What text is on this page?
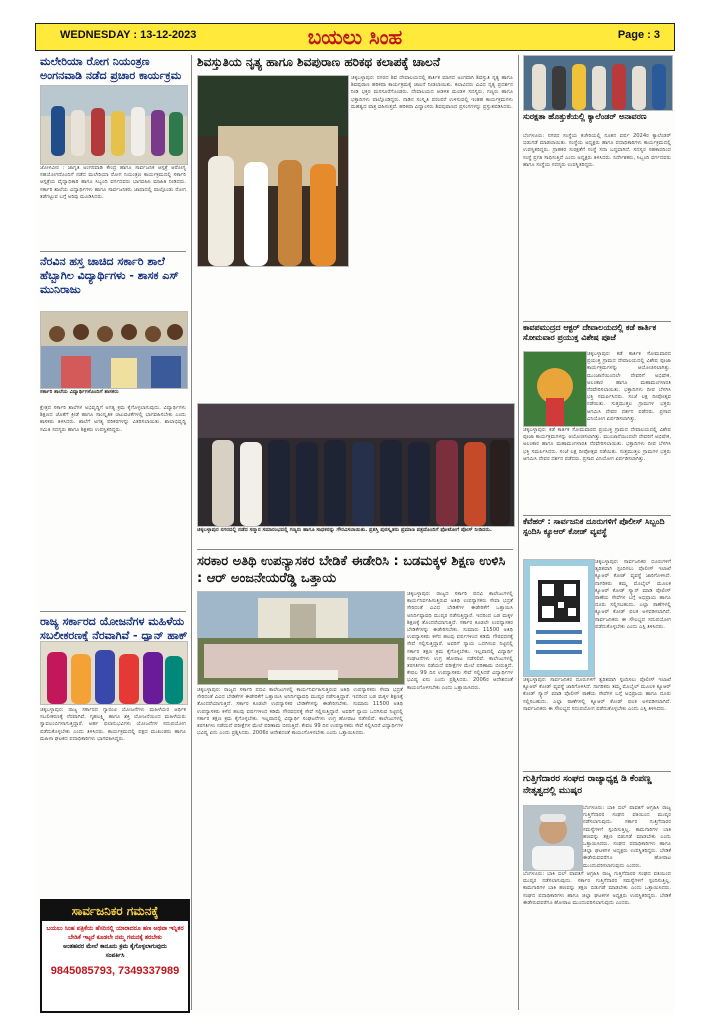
WEDNESDAY : 13-12-2023	ಬಯಲು ಸಿಂಹ	Page : 3
ಮಲೇರಿಯಾ ರೋಗ ನಿಯಂತ್ರಣ ಅಂಗನವಾಡಿ ನಡೆದ ಪ್ರಚಾರ ಕಾರ್ಯಕ್ರಮ
ಜೋಳವೀರ : ಜಾಗೃತಿ ಅಂಗನವಾಡಿ ಕೇಂದ್ರ ಹಾಗೂ ಸಾರ್ವಜನಿಕ ಆಸ್ಪತ್ರೆ ಆರೋಗ್ಯ ಸಹಯೋಗದೊಂದಿಗೆ ನಡೆದ ಮಲೇರಿಯಾ ರೋಗ ನಿಯಂತ್ರಣ ಕಾರ್ಯಕ್ರಮದಲ್ಲಿ ಸರ್ಕಾರಿ ಆಸ್ಪತ್ರೆಯ ವೈದ್ಯಾಧಿಕಾರಿ ಹಾಗೂ ಸಿಬ್ಬಂದಿ ವರ್ಗದವರು ಭಾಗವಹಿಸಿ ಮಾಹಿತಿ ನೀಡಿದರು. ಸರ್ಕಾರಿ ಶಾಲೆಯ ವಿದ್ಯಾರ್ಥಿಗಳು ಹಾಗೂ ಸಾರ್ವಜನಿಕರು ಜಾಥಾದಲ್ಲಿ ಪಾಲ್ಗೊಂಡು ರೋಗ ತಡೆಗಟ್ಟುವ ಬಗ್ಗೆ ಅರಿವು ಮೂಡಿಸಿದರು.
ನೆರವಿನ ಹಸ್ತ ಚಾಚಿದ ಸರ್ಕಾರಿ ಶಾಲೆ ಹೆಬ್ಬಾಗಿಲ ವಿದ್ಯಾರ್ಥಿಗಳು - ಶಾಸಕ ಎಸ್ ಮುನಿರಾಜು
ಸರ್ಕಾರಿ ಶಾಲೆಯ ವಿದ್ಯಾರ್ಥಿಗಳೊಂದಿಗೆ ಶಾಸಕರು
ಕ್ಷೇತ್ರದ ಸರ್ಕಾರಿ ಶಾಲೆಗಳ ಅಭಿವೃದ್ಧಿಗೆ ಅಗತ್ಯ ಕ್ರಮ ಕೈಗೊಳ್ಳಲಾಗುವುದು. ವಿದ್ಯಾರ್ಥಿಗಳು ಶಿಕ್ಷಣದ ಜೊತೆಗೆ ಕ್ರೀಡೆ ಹಾಗೂ ಸಾಂಸ್ಕೃತಿಕ ಚಟುವಟಿಕೆಗಳಲ್ಲಿ ಭಾಗವಹಿಸಬೇಕು ಎಂದು ಶಾಸಕರು ತಿಳಿಸಿದರು. ಶಾಲೆಗೆ ಅಗತ್ಯ ಪರಿಕರಗಳನ್ನು ವಿತರಿಸಲಾಯಿತು. ಶಾಲಾಭಿವೃದ್ಧಿ ಸಮಿತಿ ಸದಸ್ಯರು ಹಾಗೂ ಶಿಕ್ಷಕರು ಉಪಸ್ಥಿತರಿದ್ದರು.
ರಾಜ್ಯ ಸರ್ಕಾರದ ಯೋಜನೆಗಳ ಮಹಿಳೆಯ ಸಬಲೀಕರಣಕ್ಕೆ ನೆರವಾಗಿವೆ - ಧ್ಯಾನ್ ಹಾಕ್
ಚಿಕ್ಕಬಳ್ಳಾಪುರ: ರಾಜ್ಯ ಸರ್ಕಾರದ ಗ್ಯಾರಂಟಿ ಯೋಜನೆಗಳು ಮಹಿಳೆಯರ ಆರ್ಥಿಕ ಸಬಲೀಕರಣಕ್ಕೆ ನೆರವಾಗಿವೆ. ಗೃಹಲಕ್ಷ್ಮಿ ಹಾಗೂ ಶಕ್ತಿ ಯೋಜನೆಯಿಂದ ಮಹಿಳೆಯರು ಸ್ವಾವಲಂಬಿಗಳಾಗುತ್ತಿದ್ದಾರೆ. ಅರ್ಹ ಫಲಾನುಭವಿಗಳು ಯೋಜನೆಗಳ ಸದುಪಯೋಗ ಪಡೆದುಕೊಳ್ಳಬೇಕು ಎಂದು ತಿಳಿಸಿದರು. ಕಾರ್ಯಕ್ರಮದಲ್ಲಿ ಪಕ್ಷದ ಮುಖಂಡರು ಹಾಗೂ ಮಹಿಳಾ ಘಟಕದ ಪದಾಧಿಕಾರಿಗಳು ಭಾಗವಹಿಸಿದ್ದರು.
ಸಾರ್ವಜನಿಕರ ಗಮನಕ್ಕೆ
ಬಯಲು ಸಿಂಹ ಪತ್ರಿಕೆಯ ಹೆಸರಿನಲ್ಲಿ ಯಾರಾದರೂ ಹಣ ಅಥವಾ ಇನ್ನಿತರ ಬೇಡಿಕೆ ಇಟ್ಟರೆ ಕೂಡಲೇ ನಮ್ಮ ಗಮನಕ್ಕೆ ತರಬೇಕು
ಅಂತಹವರ ಮೇಲೆ ಕಾನೂನು ಕ್ರಮ ಕೈಗೊಳ್ಳಲಾಗುವುದು
ಸಂಪರ್ಕಿಸಿ
9845085793, 7349337989
ಶಿವಸ್ತುತಿಯ ನೃತ್ಯ ಹಾಗೂ ಶಿವಪುರಾಣ ಹರಿಕಥ ಕಲಾಪಕ್ಕೆ ಚಾಲನೆ
ಚಿಕ್ಕಬಳ್ಳಾಪುರ: ನಗರದ ಶಿವ ದೇವಾಲಯದಲ್ಲಿ ಕಾರ್ತಿಕ ಮಾಸದ ಅಂಗವಾಗಿ ಶಿವಸ್ತುತಿ ನೃತ್ಯ ಹಾಗೂ ಶಿವಪುರಾಣ ಹರಿಕಥಾ ಕಾರ್ಯಕ್ರಮಕ್ಕೆ ಚಾಲನೆ ನೀಡಲಾಯಿತು. ಕಲಾವಿದರು ವಿವಿಧ ನೃತ್ಯ ಪ್ರದರ್ಶನ ನೀಡಿ ಭಕ್ತರ ಮನಸೂರೆಗೊಂಡರು. ದೇವಾಲಯದ ಆಡಳಿತ ಮಂಡಳಿ ಸದಸ್ಯರು, ಗಣ್ಯರು ಹಾಗೂ ಭಕ್ತಾದಿಗಳು ಪಾಲ್ಗೊಂಡಿದ್ದರು. ನಾಡಿನ ಸಂಸ್ಕೃತಿ ಪರಂಪರೆ ಉಳಿಸುವಲ್ಲಿ ಇಂತಹ ಕಾರ್ಯಕ್ರಮಗಳು ಮಹತ್ವದ ಪಾತ್ರ ವಹಿಸುತ್ತವೆ. ಹರಿಕಥಾ ವಿದ್ವಾಂಸರು ಶಿವಪುರಾಣದ ಪ್ರಸಂಗಗಳನ್ನು ಪ್ರಸ್ತುತಪಡಿಸಿದರು.
ಚಿಕ್ಕಬಳ್ಳಾಪುರ ನಗರದಲ್ಲಿ ನಡೆದ ಸನ್ಮಾನ ಸಮಾರಂಭದಲ್ಲಿ ಗಣ್ಯರು ಹಾಗೂ ಸಾಧಕರನ್ನು ಗೌರವಿಸಲಾಯಿತು. ಪ್ರಶಸ್ತಿ ಪುರಸ್ಕೃತರು ಪ್ರಮಾಣ ಪತ್ರದೊಂದಿಗೆ ಫೋಟೋಗೆ ಪೋಸ್ ನೀಡಿದರು.
ಸರಕಾರ ಅತಿಥಿ ಉಪನ್ಯಾಸಕರ ಬೇಡಿಕೆ ಈಡೇರಿಸಿ : ಬಡಮಕ್ಕಳ ಶಿಕ್ಷಣ ಉಳಿಸಿ : ಆರ್ ಅಂಜನೇಯರೆಡ್ಡಿ ಒತ್ತಾಯ
ಚಿಕ್ಕಬಳ್ಳಾಪುರ: ರಾಜ್ಯದ ಸರ್ಕಾರಿ ಪದವಿ ಕಾಲೇಜುಗಳಲ್ಲಿ ಕಾರ್ಯನಿರ್ವಹಿಸುತ್ತಿರುವ ಅತಿಥಿ ಉಪನ್ಯಾಸಕರು ಸೇವಾ ಭದ್ರತೆ ಸೇರಿದಂತೆ ವಿವಿಧ ಬೇಡಿಕೆಗಳ ಈಡೇರಿಕೆಗೆ ಒತ್ತಾಯಿಸಿ ಅನಿರ್ದಿಷ್ಟಾವಧಿ ಮುಷ್ಕರ ನಡೆಸುತ್ತಿದ್ದಾರೆ. ಇದರಿಂದ ಬಡ ಮಕ್ಕಳ ಶಿಕ್ಷಣಕ್ಕೆ ತೊಂದರೆಯಾಗುತ್ತಿದೆ. ಸರ್ಕಾರ ಕೂಡಲೇ ಉಪನ್ಯಾಸಕರ ಬೇಡಿಕೆಗಳನ್ನು ಈಡೇರಿಸಬೇಕು. ಸುಮಾರು 11500 ಅತಿಥಿ ಉಪನ್ಯಾಸಕರು ಕಳೆದ ಹಲವು ವರ್ಷಗಳಿಂದ ಕಡಿಮೆ ಗೌರವಧನಕ್ಕೆ ಸೇವೆ ಸಲ್ಲಿಸುತ್ತಿದ್ದಾರೆ. ಅವರಿಗೆ ನ್ಯಾಯ ಒದಗಿಸುವ ನಿಟ್ಟಿನಲ್ಲಿ ಸರ್ಕಾರ ತಕ್ಷಣ ಕ್ರಮ ಕೈಗೊಳ್ಳಬೇಕು. ಇಲ್ಲವಾದಲ್ಲಿ ವಿದ್ಯಾರ್ಥಿ ಸಂಘಟನೆಗಳು ಉಗ್ರ ಹೋರಾಟ ನಡೆಸಲಿವೆ. ಕಾಲೇಜುಗಳಲ್ಲಿ ತರಗತಿಗಳು ನಡೆಯದೆ ಪರೀಕ್ಷೆಗಳ ಮೇಲೆ ಪರಿಣಾಮ ಬೀರುತ್ತಿದೆ. ಕೇವಲ 99 ದಿನ ಉಪನ್ಯಾಸಕರು ಸೇವೆ ಸಲ್ಲಿಸಿದರೆ ವಿದ್ಯಾರ್ಥಿಗಳ ಭವಿಷ್ಯ ಏನು ಎಂದು ಪ್ರಶ್ನಿಸಿದರು. 2006ರ ಆದೇಶದಂತೆ ಕಾಯಂಗೊಳಿಸಬೇಕು ಎಂದು ಒತ್ತಾಯಿಸಿದರು.
ಚಿಕ್ಕಬಳ್ಳಾಪುರ: ರಾಜ್ಯದ ಸರ್ಕಾರಿ ಪದವಿ ಕಾಲೇಜುಗಳಲ್ಲಿ ಕಾರ್ಯನಿರ್ವಹಿಸುತ್ತಿರುವ ಅತಿಥಿ ಉಪನ್ಯಾಸಕರು ಸೇವಾ ಭದ್ರತೆ ಸೇರಿದಂತೆ ವಿವಿಧ ಬೇಡಿಕೆಗಳ ಈಡೇರಿಕೆಗೆ ಒತ್ತಾಯಿಸಿ ಅನಿರ್ದಿಷ್ಟಾವಧಿ ಮುಷ್ಕರ ನಡೆಸುತ್ತಿದ್ದಾರೆ. ಇದರಿಂದ ಬಡ ಮಕ್ಕಳ ಶಿಕ್ಷಣಕ್ಕೆ ತೊಂದರೆಯಾಗುತ್ತಿದೆ. ಸರ್ಕಾರ ಕೂಡಲೇ ಉಪನ್ಯಾಸಕರ ಬೇಡಿಕೆಗಳನ್ನು ಈಡೇರಿಸಬೇಕು. ಸುಮಾರು 11500 ಅತಿಥಿ ಉಪನ್ಯಾಸಕರು ಕಳೆದ ಹಲವು ವರ್ಷಗಳಿಂದ ಕಡಿಮೆ ಗೌರವಧನಕ್ಕೆ ಸೇವೆ ಸಲ್ಲಿಸುತ್ತಿದ್ದಾರೆ. ಅವರಿಗೆ ನ್ಯಾಯ ಒದಗಿಸುವ ನಿಟ್ಟಿನಲ್ಲಿ ಸರ್ಕಾರ ತಕ್ಷಣ ಕ್ರಮ ಕೈಗೊಳ್ಳಬೇಕು. ಇಲ್ಲವಾದಲ್ಲಿ ವಿದ್ಯಾರ್ಥಿ ಸಂಘಟನೆಗಳು ಉಗ್ರ ಹೋರಾಟ ನಡೆಸಲಿವೆ. ಕಾಲೇಜುಗಳಲ್ಲಿ ತರಗತಿಗಳು ನಡೆಯದೆ ಪರೀಕ್ಷೆಗಳ ಮೇಲೆ ಪರಿಣಾಮ ಬೀರುತ್ತಿದೆ. ಕೇವಲ 99 ದಿನ ಉಪನ್ಯಾಸಕರು ಸೇವೆ ಸಲ್ಲಿಸಿದರೆ ವಿದ್ಯಾರ್ಥಿಗಳ ಭವಿಷ್ಯ ಏನು ಎಂದು ಪ್ರಶ್ನಿಸಿದರು. 2006ರ ಆದೇಶದಂತೆ ಕಾಯಂಗೊಳಿಸಬೇಕು ಎಂದು ಒತ್ತಾಯಿಸಿದರು.
ಸುರಕ್ಷತಾ ಹೊತ್ತುಕೆಯಲ್ಲಿ ಕ್ಯಾಲೆಂಡರ್ ಅನಾವರಣ
ಬೆಂಗಳೂರು: ನಗರದ ಸಂಸ್ಥೆಯ ಕಚೇರಿಯಲ್ಲಿ ನೂತನ ವರ್ಷ 2024ರ ಕ್ಯಾಲೆಂಡರ್ ಬಿಡುಗಡೆ ಮಾಡಲಾಯಿತು. ಸಂಸ್ಥೆಯ ಅಧ್ಯಕ್ಷರು ಹಾಗೂ ಪದಾಧಿಕಾರಿಗಳು ಕಾರ್ಯಕ್ರಮದಲ್ಲಿ ಉಪಸ್ಥಿತರಿದ್ದರು. ಗ್ರಾಹಕರ ಸುರಕ್ಷತೆಗೆ ಸಂಸ್ಥೆ ಸದಾ ಬದ್ಧವಾಗಿದೆ. ಸದಸ್ಯರ ಸಹಕಾರದಿಂದ ಸಂಸ್ಥೆ ಪ್ರಗತಿ ಸಾಧಿಸುತ್ತಿದೆ ಎಂದು ಅಧ್ಯಕ್ಷರು ತಿಳಿಸಿದರು. ನಿರ್ದೇಶಕರು, ಸಿಬ್ಬಂದಿ ವರ್ಗದವರು ಹಾಗೂ ಸಂಸ್ಥೆಯ ಸದಸ್ಯರು ಉಪಸ್ಥಿತರಿದ್ದರು.
ಕಾವಪಮುದ್ರದ ಆಕ್ಟರ್ ದೇವಾಲಯದಲ್ಲಿ ಕಡೆ ಕಾರ್ತಿಕ ಸೋಮವಾರ ಪ್ರಯುಕ್ತ ವಿಶೇಷ ಪೂಜೆ
ಚಿಕ್ಕಬಳ್ಳಾಪುರ: ಕಡೆ ಕಾರ್ತಿಕ ಸೋಮವಾರದ ಪ್ರಯುಕ್ತ ಗ್ರಾಮದ ದೇವಾಲಯದಲ್ಲಿ ವಿಶೇಷ ಪೂಜಾ ಕಾರ್ಯಕ್ರಮಗಳನ್ನು ಆಯೋಜಿಸಲಾಗಿತ್ತು. ಮುಂಜಾನೆಯಿಂದಲೇ ದೇವರಿಗೆ ಅಭಿಷೇಕ, ಅಲಂಕಾರ ಹಾಗೂ ಮಹಾಮಂಗಳಾರತಿ ನೆರವೇರಿಸಲಾಯಿತು. ಭಕ್ತಾದಿಗಳು ದೀಪ ಬೆಳಗಿಸಿ ಭಕ್ತಿ ಸಮರ್ಪಿಸಿದರು. ಸಂಜೆ ಲಕ್ಷ ದೀಪೋತ್ಸವ ನಡೆಯಿತು. ಸುತ್ತಮುತ್ತಲ ಗ್ರಾಮಗಳ ಭಕ್ತರು ಆಗಮಿಸಿ ದೇವರ ದರ್ಶನ ಪಡೆದರು. ಪ್ರಸಾದ ವಿನಿಯೋಗ ಏರ್ಪಡಿಸಲಾಗಿತ್ತು.
ಚಿಕ್ಕಬಳ್ಳಾಪುರ: ಕಡೆ ಕಾರ್ತಿಕ ಸೋಮವಾರದ ಪ್ರಯುಕ್ತ ಗ್ರಾಮದ ದೇವಾಲಯದಲ್ಲಿ ವಿಶೇಷ ಪೂಜಾ ಕಾರ್ಯಕ್ರಮಗಳನ್ನು ಆಯೋಜಿಸಲಾಗಿತ್ತು. ಮುಂಜಾನೆಯಿಂದಲೇ ದೇವರಿಗೆ ಅಭಿಷೇಕ, ಅಲಂಕಾರ ಹಾಗೂ ಮಹಾಮಂಗಳಾರತಿ ನೆರವೇರಿಸಲಾಯಿತು. ಭಕ್ತಾದಿಗಳು ದೀಪ ಬೆಳಗಿಸಿ ಭಕ್ತಿ ಸಮರ್ಪಿಸಿದರು. ಸಂಜೆ ಲಕ್ಷ ದೀಪೋತ್ಸವ ನಡೆಯಿತು. ಸುತ್ತಮುತ್ತಲ ಗ್ರಾಮಗಳ ಭಕ್ತರು ಆಗಮಿಸಿ ದೇವರ ದರ್ಶನ ಪಡೆದರು. ಪ್ರಸಾದ ವಿನಿಯೋಗ ಏರ್ಪಡಿಸಲಾಗಿತ್ತು.
ಕೆವೆಹರ್ : ಸಾರ್ವಜನಿಕ ದೂರುಗಳಿಗೆ ಪೊಲೀಸ್ ಸಿಬ್ಬಂದಿ ಸ್ಪಂದಿಸಿ ಕ್ಯೂಆರ್ ಕೋಡ್ ವ್ಯವಸ್ಥೆ
ಚಿಕ್ಕಬಳ್ಳಾಪುರ: ಸಾರ್ವಜನಿಕರ ದೂರುಗಳಿಗೆ ತ್ವರಿತವಾಗಿ ಸ್ಪಂದಿಸಲು ಪೊಲೀಸ್ ಇಲಾಖೆ ಕ್ಯೂಆರ್ ಕೋಡ್ ವ್ಯವಸ್ಥೆ ಜಾರಿಗೊಳಿಸಿದೆ. ನಾಗರಿಕರು ತಮ್ಮ ಮೊಬೈಲ್ ಮೂಲಕ ಕ್ಯೂಆರ್ ಕೋಡ್ ಸ್ಕ್ಯಾನ್ ಮಾಡಿ ಪೊಲೀಸ್ ಠಾಣೆಯ ಸೇವೆಗಳ ಬಗ್ಗೆ ಅಭಿಪ್ರಾಯ ಹಾಗೂ ದೂರು ಸಲ್ಲಿಸಬಹುದು. ಎಲ್ಲಾ ಠಾಣೆಗಳಲ್ಲಿ ಕ್ಯೂಆರ್ ಕೋಡ್ ಫಲಕ ಅಳವಡಿಸಲಾಗಿದೆ. ಸಾರ್ವಜನಿಕರು ಈ ಸೌಲಭ್ಯದ ಸದುಪಯೋಗ ಪಡೆದುಕೊಳ್ಳಬೇಕು ಎಂದು ಎಸ್ಪಿ ತಿಳಿಸಿದರು.
ಚಿಕ್ಕಬಳ್ಳಾಪುರ: ಸಾರ್ವಜನಿಕರ ದೂರುಗಳಿಗೆ ತ್ವರಿತವಾಗಿ ಸ್ಪಂದಿಸಲು ಪೊಲೀಸ್ ಇಲಾಖೆ ಕ್ಯೂಆರ್ ಕೋಡ್ ವ್ಯವಸ್ಥೆ ಜಾರಿಗೊಳಿಸಿದೆ. ನಾಗರಿಕರು ತಮ್ಮ ಮೊಬೈಲ್ ಮೂಲಕ ಕ್ಯೂಆರ್ ಕೋಡ್ ಸ್ಕ್ಯಾನ್ ಮಾಡಿ ಪೊಲೀಸ್ ಠಾಣೆಯ ಸೇವೆಗಳ ಬಗ್ಗೆ ಅಭಿಪ್ರಾಯ ಹಾಗೂ ದೂರು ಸಲ್ಲಿಸಬಹುದು. ಎಲ್ಲಾ ಠಾಣೆಗಳಲ್ಲಿ ಕ್ಯೂಆರ್ ಕೋಡ್ ಫಲಕ ಅಳವಡಿಸಲಾಗಿದೆ. ಸಾರ್ವಜನಿಕರು ಈ ಸೌಲಭ್ಯದ ಸದುಪಯೋಗ ಪಡೆದುಕೊಳ್ಳಬೇಕು ಎಂದು ಎಸ್ಪಿ ತಿಳಿಸಿದರು.
ಗುತ್ತಿಗೆದಾರರ ಸಂಘದ ರಾಜ್ಯಾಧ್ಯಕ್ಷ ಡಿ ಕೆಂಪಣ್ಣ ನೇತೃತ್ವದಲ್ಲಿ ಮುಷ್ಕರ
ಬೆಂಗಳೂರು: ಬಾಕಿ ಬಿಲ್ ಪಾವತಿಗೆ ಆಗ್ರಹಿಸಿ ರಾಜ್ಯ ಗುತ್ತಿಗೆದಾರರ ಸಂಘದ ವತಿಯಿಂದ ಮುಷ್ಕರ ನಡೆಸಲಾಗುವುದು. ಸರ್ಕಾರ ಗುತ್ತಿಗೆದಾರರ ಸಮಸ್ಯೆಗಳಿಗೆ ಸ್ಪಂದಿಸುತ್ತಿಲ್ಲ. ಕಾಮಗಾರಿಗಳ ಬಾಕಿ ಹಣವನ್ನು ತಕ್ಷಣ ಬಿಡುಗಡೆ ಮಾಡಬೇಕು ಎಂದು ಒತ್ತಾಯಿಸಿದರು. ಸಂಘದ ಪದಾಧಿಕಾರಿಗಳು ಹಾಗೂ ಜಿಲ್ಲಾ ಘಟಕಗಳ ಅಧ್ಯಕ್ಷರು ಉಪಸ್ಥಿತರಿದ್ದರು. ಬೇಡಿಕೆ ಈಡೇರುವವರೆಗೂ ಹೋರಾಟ ಮುಂದುವರಿಸಲಾಗುವುದು ಎಂದರು.
ಬೆಂಗಳೂರು: ಬಾಕಿ ಬಿಲ್ ಪಾವತಿಗೆ ಆಗ್ರಹಿಸಿ ರಾಜ್ಯ ಗುತ್ತಿಗೆದಾರರ ಸಂಘದ ವತಿಯಿಂದ ಮುಷ್ಕರ ನಡೆಸಲಾಗುವುದು. ಸರ್ಕಾರ ಗುತ್ತಿಗೆದಾರರ ಸಮಸ್ಯೆಗಳಿಗೆ ಸ್ಪಂದಿಸುತ್ತಿಲ್ಲ. ಕಾಮಗಾರಿಗಳ ಬಾಕಿ ಹಣವನ್ನು ತಕ್ಷಣ ಬಿಡುಗಡೆ ಮಾಡಬೇಕು ಎಂದು ಒತ್ತಾಯಿಸಿದರು. ಸಂಘದ ಪದಾಧಿಕಾರಿಗಳು ಹಾಗೂ ಜಿಲ್ಲಾ ಘಟಕಗಳ ಅಧ್ಯಕ್ಷರು ಉಪಸ್ಥಿತರಿದ್ದರು. ಬೇಡಿಕೆ ಈಡೇರುವವರೆಗೂ ಹೋರಾಟ ಮುಂದುವರಿಸಲಾಗುವುದು ಎಂದರು.
